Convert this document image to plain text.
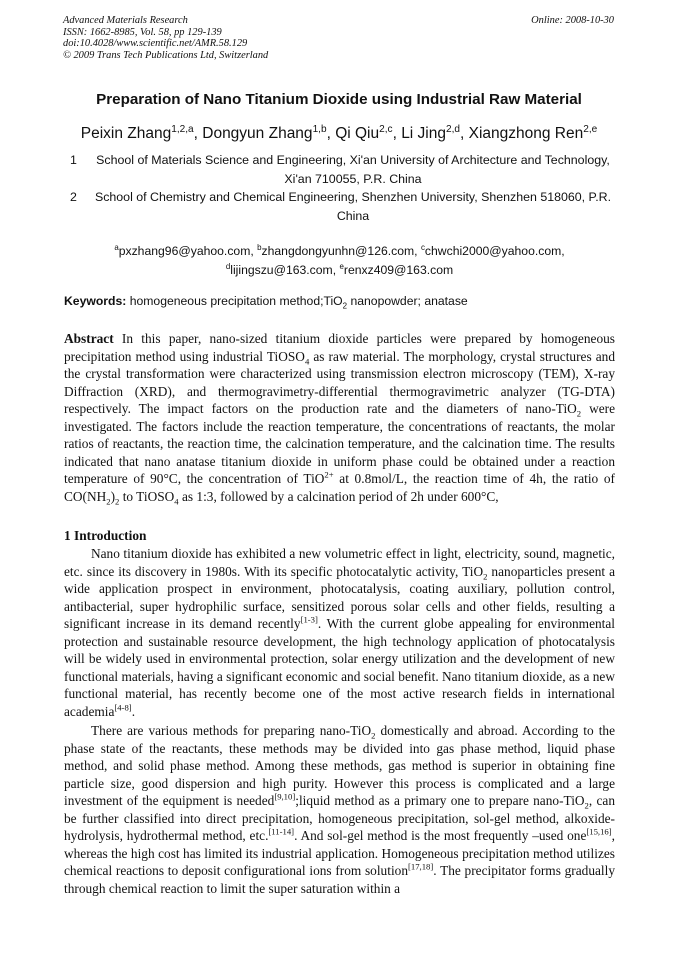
Advanced Materials Research
ISSN: 1662-8985, Vol. 58, pp 129-139
doi:10.4028/www.scientific.net/AMR.58.129
© 2009 Trans Tech Publications Ltd, Switzerland
Online: 2008-10-30
Preparation of Nano Titanium Dioxide using Industrial Raw Material
Peixin Zhang$^{1,2,a}$, Dongyun Zhang$^{1,b}$, Qi Qiu$^{2,c}$, Li Jing$^{2,d}$, Xiangzhong Ren$^{2,e}$
1	School of Materials Science and Engineering, Xi'an University of Architecture and Technology, Xi'an 710055, P.R. China
2	School of Chemistry and Chemical Engineering, Shenzhen University, Shenzhen 518060, P.R. China
$^a$pxzhang96@yahoo.com, $^b$zhangdongyunhn@126.com, $^c$chwchi2000@yahoo.com,
$^d$lijingszu@163.com, $^e$renxz409@163.com
Keywords: homogeneous precipitation method;TiO$_2$ nanopowder; anatase
Abstract In this paper, nano-sized titanium dioxide particles were prepared by homogeneous precipitation method using industrial TiOSO$_4$ as raw material. The morphology, crystal structures and the crystal transformation were characterized using transmission electron microscopy (TEM), X-ray Diffraction (XRD), and thermogravimetry-differential thermogravimetric analyzer (TG-DTA) respectively. The impact factors on the production rate and the diameters of nano-TiO$_2$ were investigated. The factors include the reaction temperature, the concentrations of reactants, the molar ratios of reactants, the reaction time, the calcination temperature, and the calcination time. The results indicated that nano anatase titanium dioxide in uniform phase could be obtained under a reaction temperature of 90°C, the concentration of TiO$^{2+}$ at 0.8mol/L, the reaction time of 4h, the ratio of $CO(NH_2)_2$ to TiOSO$_4$ as 1:3, followed by a calcination period of 2h under 600°C,
1 Introduction
Nano titanium dioxide has exhibited a new volumetric effect in light, electricity, sound, magnetic, etc. since its discovery in 1980s. With its specific photocatalytic activity, TiO$_2$ nanoparticles present a wide application prospect in environment, photocatalysis, coating auxiliary, pollution control, antibacterial, super hydrophilic surface, sensitized porous solar cells and other fields, resulting a significant increase in its demand recently[1-3]. With the current globe appealing for environmental protection and sustainable resource development, the high technology application of photocatalysis will be widely used in environmental protection, solar energy utilization and the development of new functional materials, having a significant economic and social benefit. Nano titanium dioxide, as a new functional material, has recently become one of the most active research fields in international academia[4-8].
There are various methods for preparing nano-TiO$_2$ domestically and abroad. According to the phase state of the reactants, these methods may be divided into gas phase method, liquid phase method, and solid phase method. Among these methods, gas method is superior in obtaining fine particle size, good dispersion and high purity. However this process is complicated and a large investment of the equipment is needed[9,10];liquid method as a primary one to prepare nano-TiO$_2$, can be further classified into direct precipitation, homogeneous precipitation, sol-gel method, alkoxide-hydrolysis, hydrothermal method, etc.[11-14]. And sol-gel method is the most frequently –used one[15,16], whereas the high cost has limited its industrial application. Homogeneous precipitation method utilizes chemical reactions to deposit configurational ions from solution[17,18]. The precipitator forms gradually through chemical reaction to limit the super saturation within a
